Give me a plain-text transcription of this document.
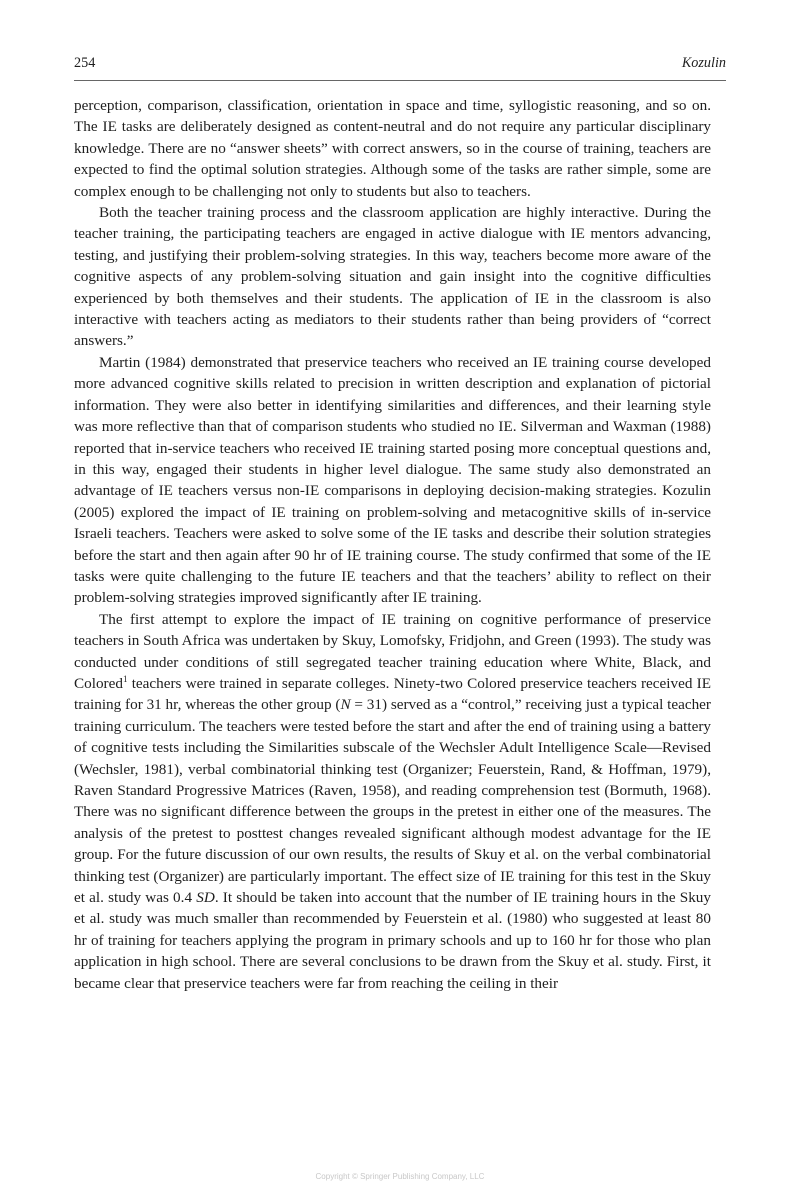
254	Kozulin

perception, comparison, classification, orientation in space and time, syllogistic reasoning, and so on. The IE tasks are deliberately designed as content-neutral and do not require any particular disciplinary knowledge. There are no “answer sheets” with correct answers, so in the course of training, teachers are expected to find the optimal solution strategies. Although some of the tasks are rather simple, some are complex enough to be challenging not only to students but also to teachers.

Both the teacher training process and the classroom application are highly interactive. During the teacher training, the participating teachers are engaged in active dialogue with IE mentors advancing, testing, and justifying their problem-solving strategies. In this way, teachers become more aware of the cognitive aspects of any problem-solving situation and gain insight into the cognitive difficulties experienced by both themselves and their students. The application of IE in the classroom is also interactive with teachers acting as mediators to their students rather than being providers of “correct answers.”

Martin (1984) demonstrated that preservice teachers who received an IE training course developed more advanced cognitive skills related to precision in written description and explanation of pictorial information. They were also better in identifying similarities and differences, and their learning style was more reflective than that of comparison students who studied no IE. Silverman and Waxman (1988) reported that in-service teachers who received IE training started posing more conceptual questions and, in this way, engaged their students in higher level dialogue. The same study also demonstrated an advantage of IE teachers versus non-IE comparisons in deploying decision-making strategies. Kozulin (2005) explored the impact of IE training on problem-solving and metacognitive skills of in-service Israeli teachers. Teachers were asked to solve some of the IE tasks and describe their solution strategies before the start and then again after 90 hr of IE training course. The study confirmed that some of the IE tasks were quite challenging to the future IE teachers and that the teachers’ ability to reflect on their problem-solving strategies improved significantly after IE training.

The first attempt to explore the impact of IE training on cognitive performance of preservice teachers in South Africa was undertaken by Skuy, Lomofsky, Fridjohn, and Green (1993). The study was conducted under conditions of still segregated teacher training education where White, Black, and Colored$^1$ teachers were trained in separate colleges. Ninety-two Colored preservice teachers received IE training for 31 hr, whereas the other group (N = 31) served as a “control,” receiving just a typical teacher training curriculum. The teachers were tested before the start and after the end of training using a battery of cognitive tests including the Similarities subscale of the Wechsler Adult Intelligence Scale—Revised (Wechsler, 1981), verbal combinatorial thinking test (Organizer; Feuerstein, Rand, & Hoffman, 1979), Raven Standard Progressive Matrices (Raven, 1958), and reading comprehension test (Bormuth, 1968). There was no significant difference between the groups in the pretest in either one of the measures. The analysis of the pretest to posttest changes revealed significant although modest advantage for the IE group. For the future discussion of our own results, the results of Skuy et al. on the verbal combinatorial thinking test (Organizer) are particularly important. The effect size of IE training for this test in the Skuy et al. study was 0.4 SD. It should be taken into account that the number of IE training hours in the Skuy et al. study was much smaller than recommended by Feuerstein et al. (1980) who suggested at least 80 hr of training for teachers applying the program in primary schools and up to 160 hr for those who plan application in high school. There are several conclusions to be drawn from the Skuy et al. study. First, it became clear that preservice teachers were far from reaching the ceiling in their

Copyright © Springer Publishing Company, LLC
